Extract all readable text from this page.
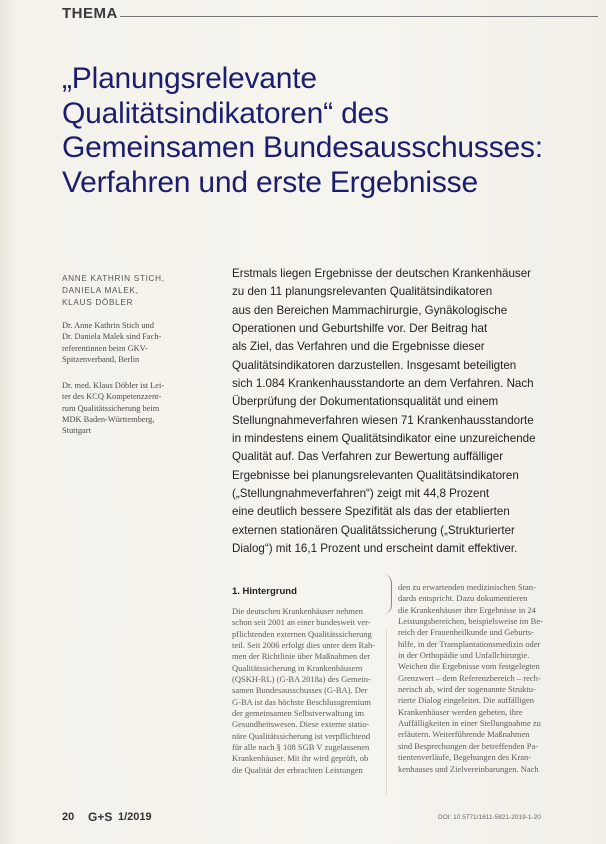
THEMA
„Planungsrelevante
Qualitätsindikatoren“ des
Gemeinsamen Bundesausschusses:
Verfahren und erste Ergebnisse
ANNE KATHRIN STICH,
DANIELA MALEK,
KLAUS DÖBLER
Dr. Anne Kathrin Stich und
Dr. Daniela Malek sind Fach-
referentinnen beim GKV-
Spitzenverband, Berlin
Dr. med. Klaus Döbler ist Lei-
ter des KCQ Kompetenzzent-
rum Qualitätssicherung beim
MDK Baden-Württemberg,
Stuttgart
Erstmals liegen Ergebnisse der deutschen Krankenhäuser
zu den 11 planungsrelevanten Qualitätsindikatoren
aus den Bereichen Mammachirurgie, Gynäkologische
Operationen und Geburtshilfe vor. Der Beitrag hat
als Ziel, das Verfahren und die Ergebnisse dieser
Qualitätsindikatoren darzustellen. Insgesamt beteiligten
sich 1.084 Krankenhausstandorte an dem Verfahren. Nach
Überprüfung der Dokumentationsqualität und einem
Stellungnahmeverfahren wiesen 71 Krankenhausstandorte
in mindestens einem Qualitätsindikator eine unzureichende
Qualität auf. Das Verfahren zur Bewertung auffälliger
Ergebnisse bei planungsrelevanten Qualitätsindikatoren
(„Stellungnahmeverfahren“) zeigt mit 44,8 Prozent
eine deutlich bessere Spezifität als das der etablierten
externen stationären Qualitätssicherung („Strukturierter
Dialog“) mit 16,1 Prozent und erscheint damit effektiver.
1. Hintergrund
Die deutschen Krankenhäuser nehmen
schon seit 2001 an einer bundesweit ver-
pflichtenden externen Qualitätssicherung
teil. Seit 2006 erfolgt dies unter dem Rah-
men der Richtlinie über Maßnahmen der
Qualitätssicherung in Krankenhäusern
(QSKH-RL) (G-BA 2018a) des Gemein-
samen Bundesausschusses (G-BA). Der
G-BA ist das höchste Beschlussgremium
der gemeinsamen Selbstverwaltung im
Gesundheitswesen. Diese externe statio-
näre Qualitätssicherung ist verpflichtend
für alle nach § 108 SGB V zugelassenen
Krankenhäuser. Mit ihr wird geprüft, ob
die Qualität der erbrachten Leistungen
den zu erwartenden medizinischen Stan-
dards entspricht. Dazu dokumentieren
die Krankenhäuser ihre Ergebnisse in 24
Leistungsbereichen, beispielsweise im Be-
reich der Frauenheilkunde und Geburts-
hilfe, in der Transplantationsmedizin oder
in der Orthopädie und Unfallchirurgie.
Weichen die Ergebnisse vom festgelegten
Grenzwert – dem Referenzbereich – rech-
nerisch ab, wird der sogenannte Struktu-
rierte Dialog eingeleitet. Die auffälligen
Krankenhäuser werden gebeten, ihre
Auffälligkeiten in einer Stellungnahme zu
erläutern. Weiterführende Maßnahmen
sind Besprechungen der betreffenden Pa-
tientenverläufe, Begehungen des Kran-
kenhauses und Zielvereinbarungen. Nach
20 G+S 1/2019	DOI: 10.5771/1611-5821-2019-1-20
